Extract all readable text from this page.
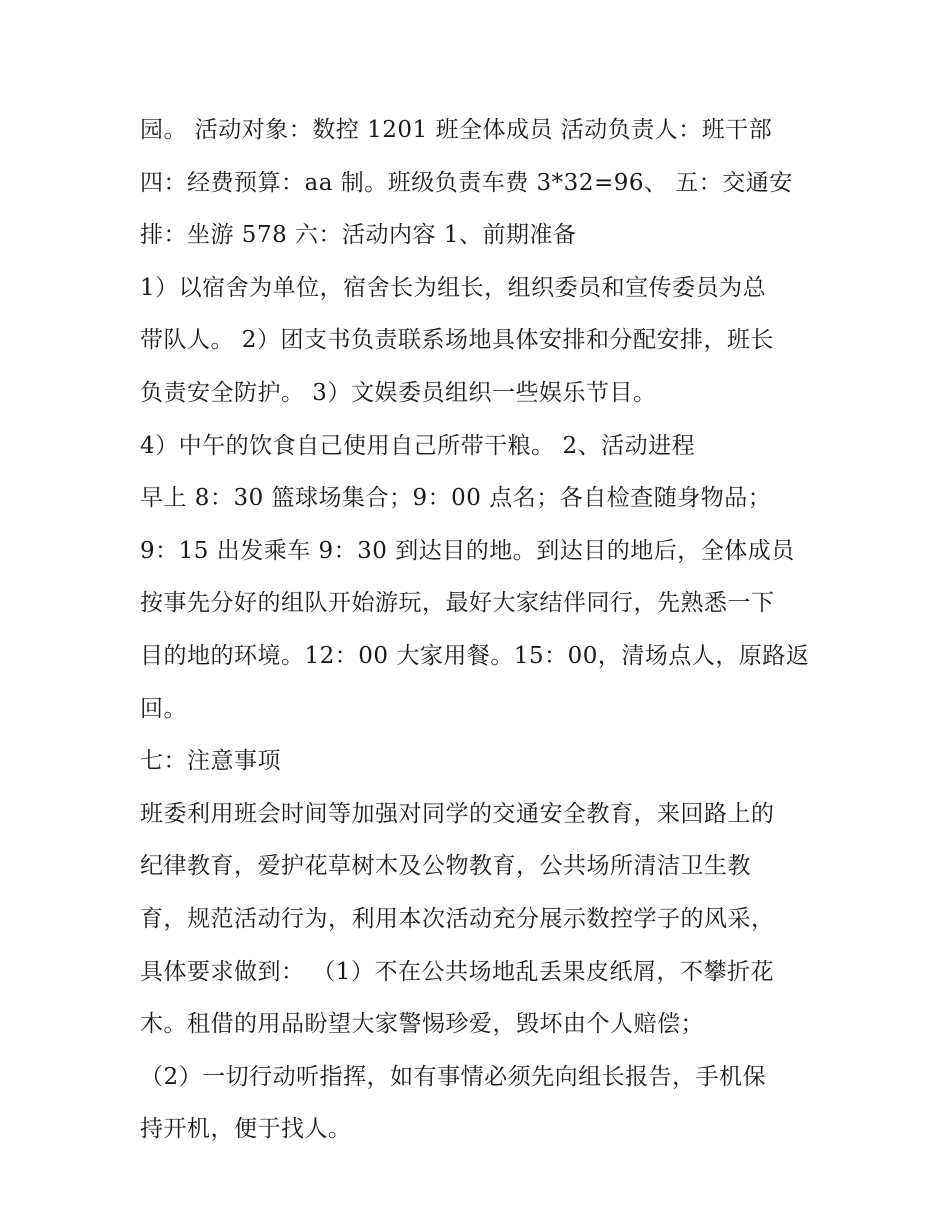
园。 活动对象：数控 1201 班全体成员 活动负责人：班干部
四：经费预算：aa 制。班级负责车费 3*32=96、 五：交通安
排：坐游 578 六：活动内容 1、前期准备
1）以宿舍为单位，宿舍长为组长，组织委员和宣传委员为总
带队人。 2）团支书负责联系场地具体安排和分配安排，班长
负责安全防护。 3）文娱委员组织一些娱乐节目。
4）中午的饮食自己使用自己所带干粮。 2、活动进程
早上 8：30 篮球场集合；9：00 点名；各自检查随身物品；
9：15 出发乘车 9：30 到达目的地。到达目的地后，全体成员
按事先分好的组队开始游玩，最好大家结伴同行，先熟悉一下
目的地的环境。12：00 大家用餐。15：00，清场点人，原路返
回。
七：注意事项
班委利用班会时间等加强对同学的交通安全教育，来回路上的
纪律教育，爱护花草树木及公物教育，公共场所清洁卫生教
育，规范活动行为，利用本次活动充分展示数控学子的风采，
具体要求做到： （1）不在公共场地乱丢果皮纸屑，不攀折花
木。租借的用品盼望大家警惕珍爱，毁坏由个人赔偿；
（2）一切行动听指挥，如有事情必须先向组长报告，手机保
持开机，便于找人。
